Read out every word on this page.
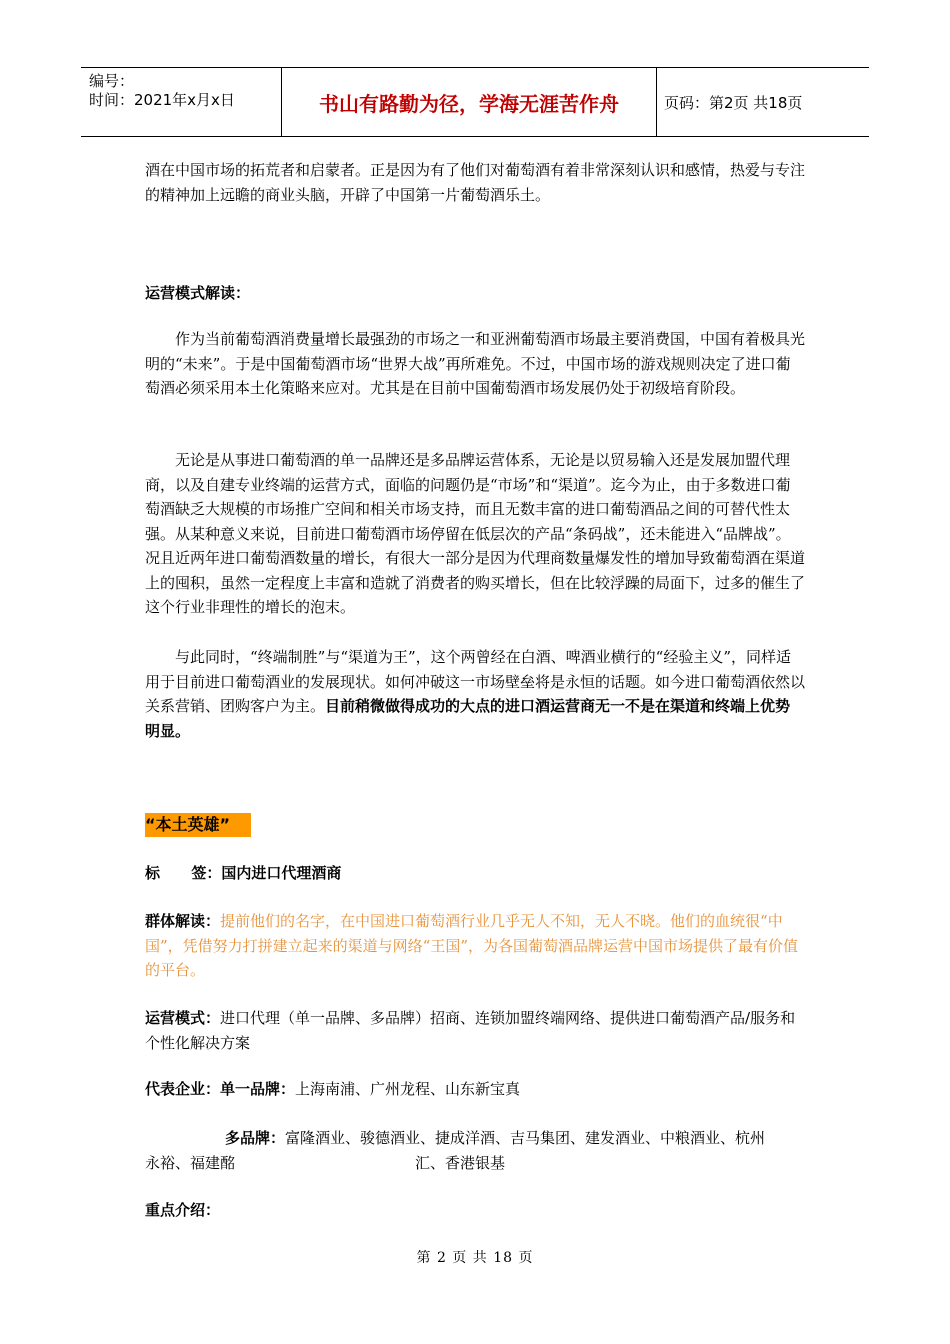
编号：
时间：2021年x月x日	书山有路勤为径，学海无涯苦作舟	页码：第2页 共18页
酒在中国市场的拓荒者和启蒙者。正是因为有了他们对葡萄酒有着非常深刻认识和感情，热爱与专注的精神加上远瞻的商业头脑，开辟了中国第一片葡萄酒乐土。
运营模式解读：
作为当前葡萄酒消费量增长最强劲的市场之一和亚洲葡萄酒市场最主要消费国，中国有着极具光明的“未来”。于是中国葡萄酒市场“世界大战”再所难免。不过，中国市场的游戏规则决定了进口葡萄酒必须采用本土化策略来应对。尤其是在目前中国葡萄酒市场发展仍处于初级培育阶段。
无论是从事进口葡萄酒的单一品牌还是多品牌运营体系，无论是以贸易输入还是发展加盟代理商，以及自建专业终端的运营方式，面临的问题仍是“市场”和“渠道”。迄今为止，由于多数进口葡萄酒缺乏大规模的市场推广空间和相关市场支持，而且无数丰富的进口葡萄酒品之间的可替代性太强。从某种意义来说，目前进口葡萄酒市场停留在低层次的产品“条码战”，还未能进入“品牌战”。况且近两年进口葡萄酒数量的增长，有很大一部分是因为代理商数量爆发性的增加导致葡萄酒在渠道上的囤积，虽然一定程度上丰富和造就了消费者的购买增长，但在比较浮躁的局面下，过多的催生了这个行业非理性的增长的泡末。
与此同时，“终端制胜”与“渠道为王”，这个两曾经在白酒、啤酒业横行的“经验主义”，同样适用于目前进口葡萄酒业的发展现状。如何冲破这一市场壁垒将是永恒的话题。如今进口葡萄酒依然以关系营销、团购客户为主。目前稍微做得成功的大点的进口酒运营商无一不是在渠道和终端上优势明显。
“本土英雄”
标      签：国内进口代理酒商
群体解读：提前他们的名字，在中国进口葡萄酒行业几乎无人不知，无人不晓。他们的血统很“中国”，凭借努力打拼建立起来的渠道与网络“王国”，为各国葡萄酒品牌运营中国市场提供了最有价值的平台。
运营模式：进口代理（单一品牌、多品牌）招商、连锁加盟终端网络、提供进口葡萄酒产品/服务和个性化解决方案
代表企业：单一品牌：上海南浦、广州龙程、山东新宝真
多品牌：富隆酒业、骏德酒业、捷成洋酒、吉马集团、建发酒业、中粮酒业、杭州
永裕、福建酩	汇、香港银基
重点介绍：
第 2 页 共 18 页
